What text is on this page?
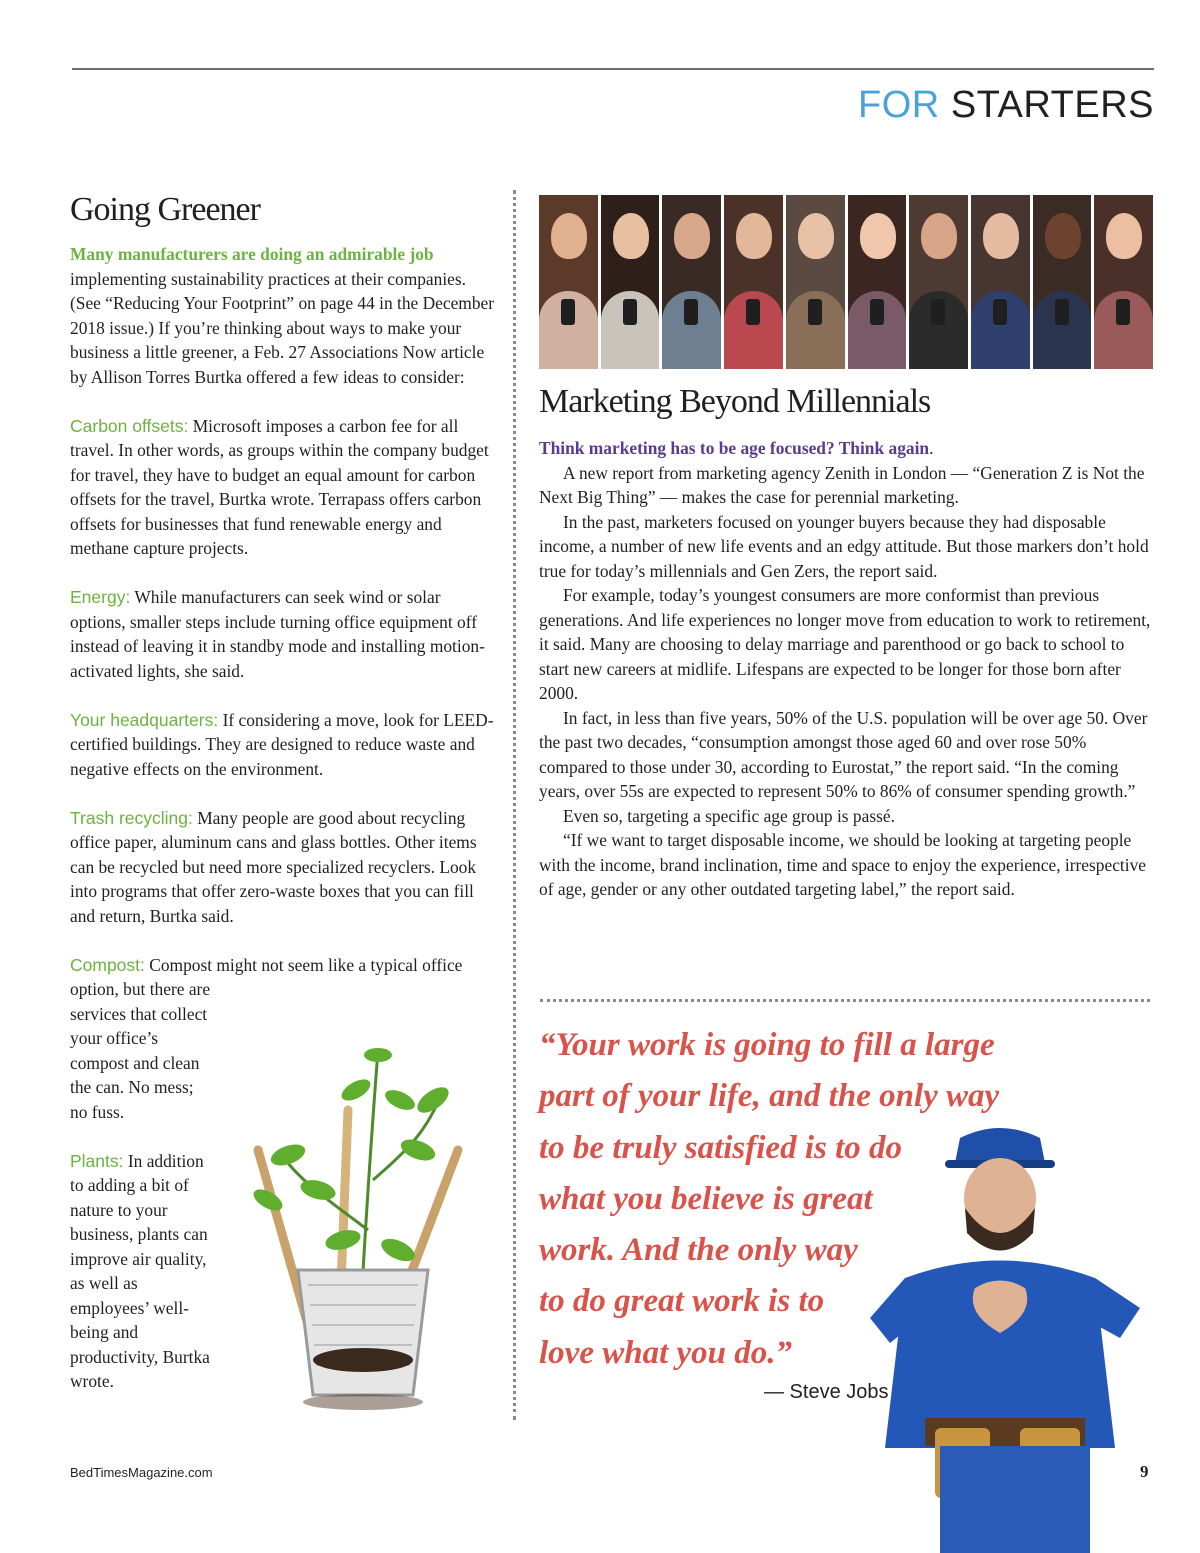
FOR STARTERS
Going Greener

Many manufacturers are doing an admirable job implementing sustainability practices at their companies. (See “Reducing Your Footprint” on page 44 in the December 2018 issue.) If you’re thinking about ways to make your business a little greener, a Feb. 27 Associations Now article by Allison Torres Burtka offered a few ideas to consider:

Carbon offsets: Microsoft imposes a carbon fee for all travel. In other words, as groups within the company budget for travel, they have to budget an equal amount for carbon offsets for the travel, Burtka wrote. Terrapass offers carbon offsets for businesses that fund renewable energy and methane capture projects.

Energy: While manufacturers can seek wind or solar options, smaller steps include turning office equipment off instead of leaving it in standby mode and installing motion-activated lights, she said.

Your headquarters: If considering a move, look for LEED-certified buildings. They are designed to reduce waste and negative effects on the environment.

Trash recycling: Many people are good about recycling office paper, aluminum cans and glass bottles. Other items can be recycled but need more specialized recyclers. Look into programs that offer zero-waste boxes that you can fill and return, Burtka said.

Compost: Compost might not seem like a typical office

option, but there are services that collect your office’s compost and clean the can. No mess; no fuss.

Plants: In addition to adding a bit of nature to your business, plants can improve air quality, as well as employees’ well-being and productivity, Burtka wrote.

Marketing Beyond Millennials

Think marketing has to be age focused? Think again.

A new report from marketing agency Zenith in London — “Generation Z is Not the Next Big Thing” — makes the case for perennial marketing.

In the past, marketers focused on younger buyers because they had disposable income, a number of new life events and an edgy attitude. But those markers don’t hold true for today’s millennials and Gen Zers, the report said.

For example, today’s youngest consumers are more conformist than previous generations. And life experiences no longer move from education to work to retirement, it said. Many are choosing to delay marriage and parenthood or go back to school to start new careers at midlife. Lifespans are expected to be longer for those born after 2000.

In fact, in less than five years, 50% of the U.S. population will be over age 50. Over the past two decades, “consumption amongst those aged 60 and over rose 50% compared to those under 30, according to Eurostat,” the report said. “In the coming years, over 55s are expected to represent 50% to 86% of consumer spending growth.”

Even so, targeting a specific age group is passé.

“If we want to target disposable income, we should be looking at targeting people with the income, brand inclination, time and space to enjoy the experience, irrespective of age, gender or any other outdated targeting label,” the report said.

“Your work is going to fill a large
part of your life, and the only way
to be truly satisfied is to do
what you believe is great
work. And the only way
to do great work is to
love what you do.”
— Steve Jobs
BedTimesMagazine.com	9
